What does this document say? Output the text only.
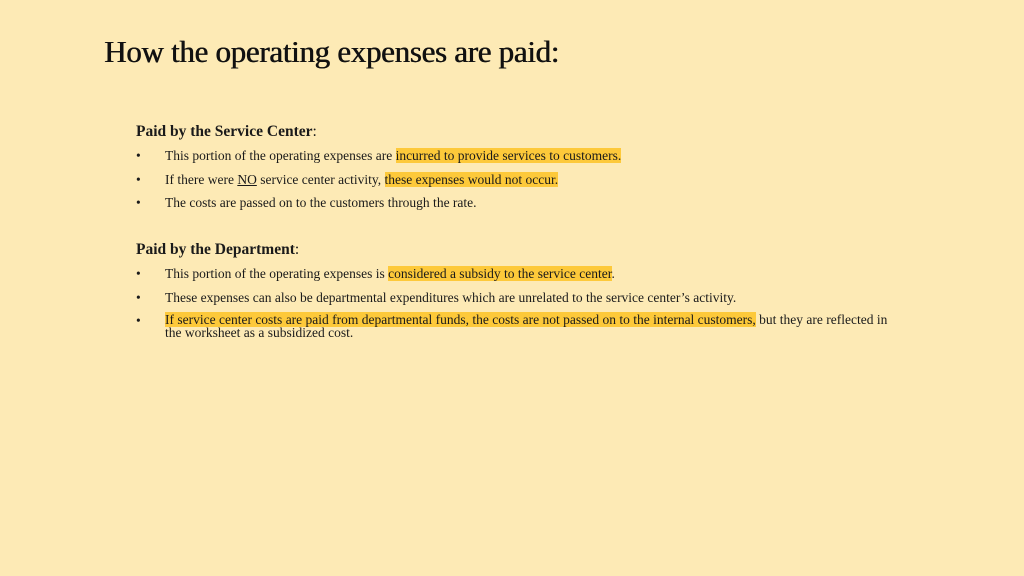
How the operating expenses are paid:
Paid by the Service Center:
• This portion of the operating expenses are incurred to provide services to customers.
• If there were NO service center activity, these expenses would not occur.
• The costs are passed on to the customers through the rate.
Paid by the Department:
• This portion of the operating expenses is considered a subsidy to the service center.
• These expenses can also be departmental expenditures which are unrelated to the service center’s activity.
• If service center costs are paid from departmental funds, the costs are not passed on to the internal customers, but they are reflected in the worksheet as a subsidized cost.
